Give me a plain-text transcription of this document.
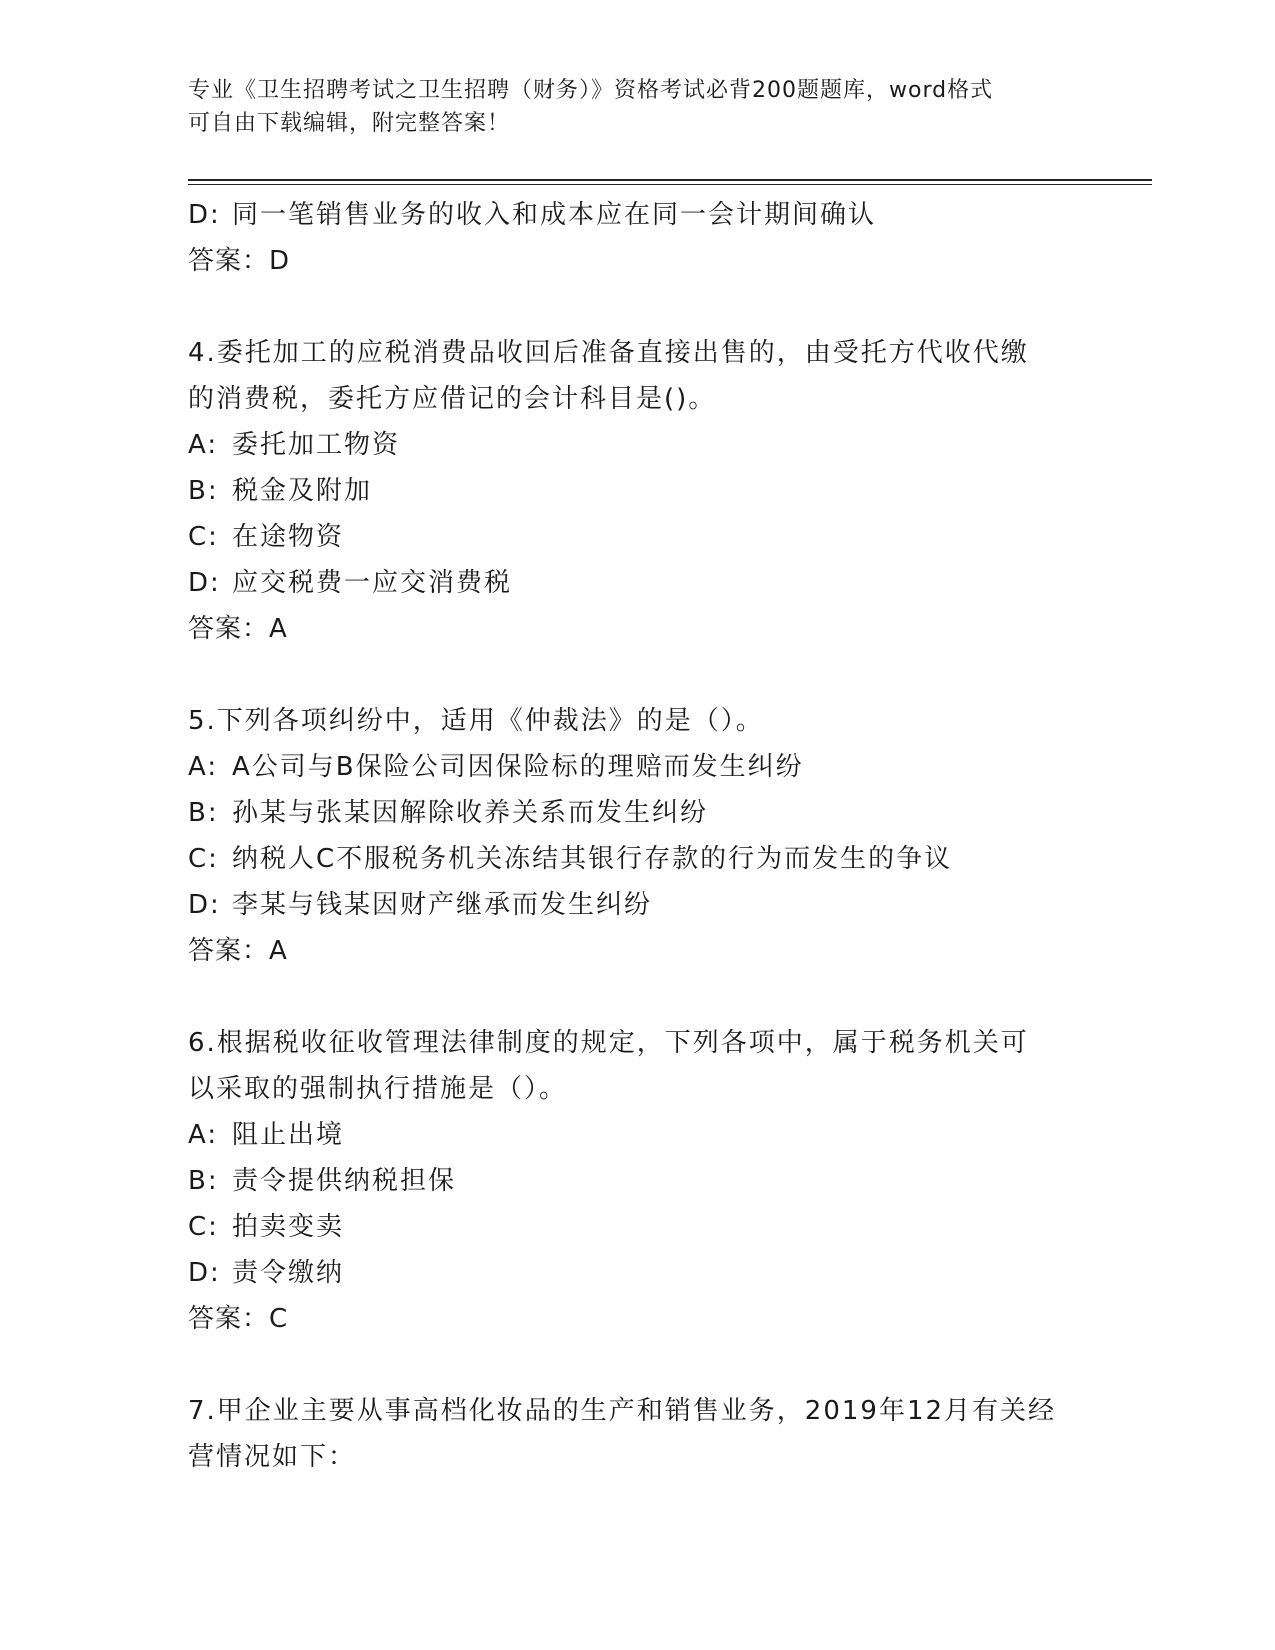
专业《卫生招聘考试之卫生招聘（财务）》资格考试必背200题题库，word格式
可自由下载编辑，附完整答案！
D: 同一笔销售业务的收入和成本应在同一会计期间确认
答案：D
4.委托加工的应税消费品收回后准备直接出售的，由受托方代收代缴
的消费税，委托方应借记的会计科目是()。
A: 委托加工物资
B: 税金及附加
C: 在途物资
D: 应交税费一应交消费税
答案：A
5.下列各项纠纷中，适用《仲裁法》的是（）。
A: A公司与B保险公司因保险标的理赔而发生纠纷
B: 孙某与张某因解除收养关系而发生纠纷
C: 纳税人C不服税务机关冻结其银行存款的行为而发生的争议
D: 李某与钱某因财产继承而发生纠纷
答案：A
6.根据税收征收管理法律制度的规定，下列各项中，属于税务机关可
以采取的强制执行措施是（）。
A: 阻止出境
B: 责令提供纳税担保
C: 拍卖变卖
D: 责令缴纳
答案：C
7.甲企业主要从事高档化妆品的生产和销售业务，2019年12月有关经
营情况如下：
